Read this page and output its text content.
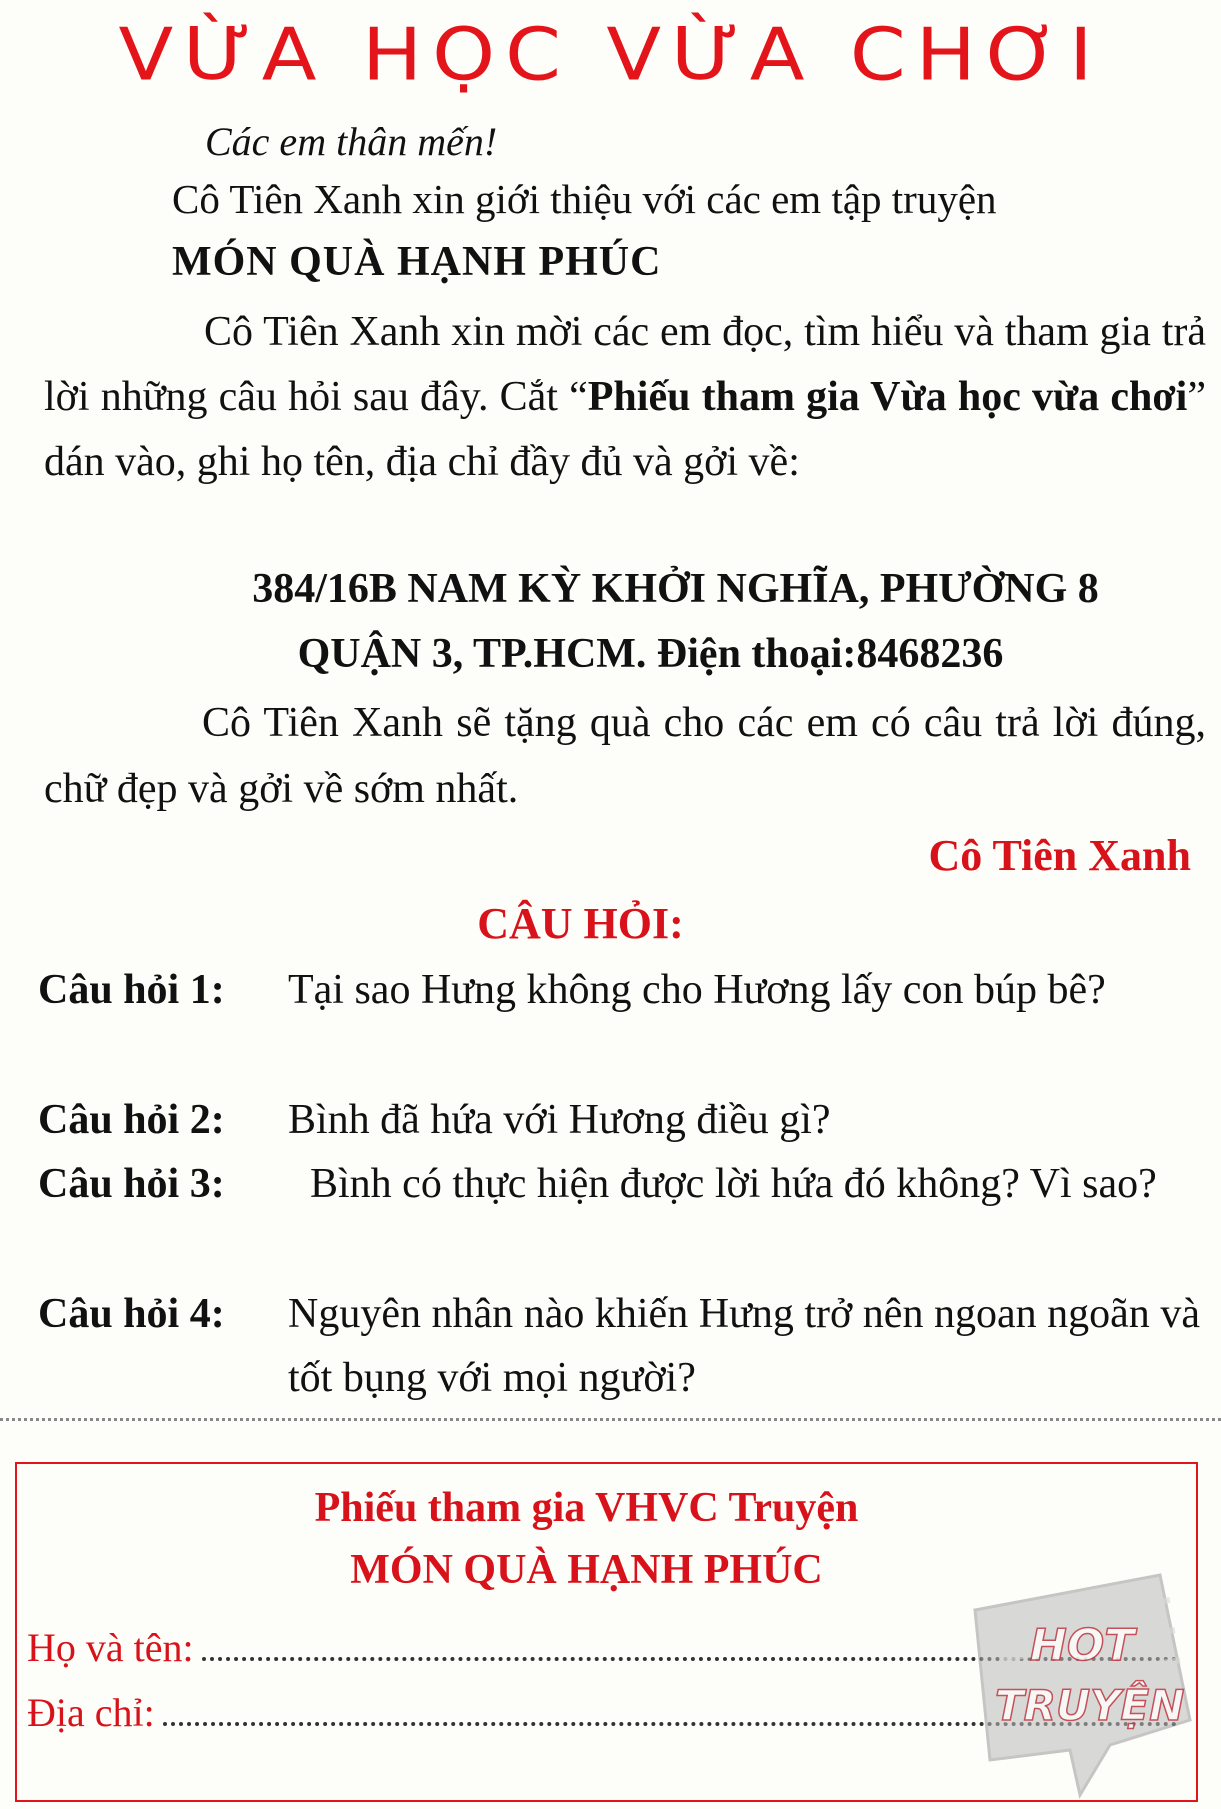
VỪA HỌC VỪA CHƠI
Các em thân mến!
Cô Tiên Xanh xin giới thiệu với các em tập truyện
MÓN QUÀ HẠNH PHÚC
Cô Tiên Xanh xin mời các em đọc, tìm hiểu và tham gia trả lời những câu hỏi sau đây. Cắt “Phiếu tham gia Vừa học vừa chơi” dán vào, ghi họ tên, địa chỉ đầy đủ và gởi về:
384/16B NAM KỲ KHỞI NGHĨA, PHƯỜNG 8
QUẬN 3, TP.HCM. Điện thoại:8468236
Cô Tiên Xanh sẽ tặng quà cho các em có câu trả lời đúng, chữ đẹp và gởi về sớm nhất.
Cô Tiên Xanh
CÂU HỎI:
Câu hỏi 1: Tại sao Hưng không cho Hương lấy con búp bê?
Câu hỏi 2: Bình đã hứa với Hương điều gì?
Câu hỏi 3:	Bình có thực hiện được lời hứa đó không? Vì sao?
Câu hỏi 4: Nguyên nhân nào khiến Hưng trở nên ngoan ngoãn và tốt bụng với mọi người?
Phiếu tham gia VHVC Truyện
MÓN QUÀ HẠNH PHÚC
Họ và tên:
Địa chỉ:
HOT
TRUYỆN
